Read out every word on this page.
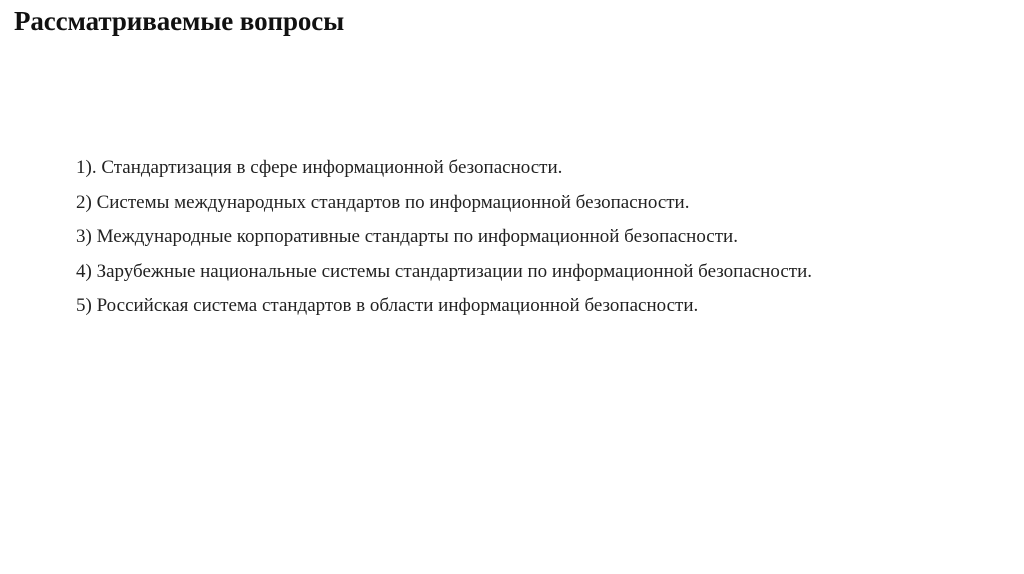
Рассматриваемые вопросы
1). Стандартизация в сфере информационной безопасности.
2) Системы международных стандартов по информационной безопасности.
3) Международные корпоративные стандарты по информационной безопасности.
4) Зарубежные национальные системы стандартизации по информационной безопасности.
5) Российская система стандартов в области информационной безопасности.
